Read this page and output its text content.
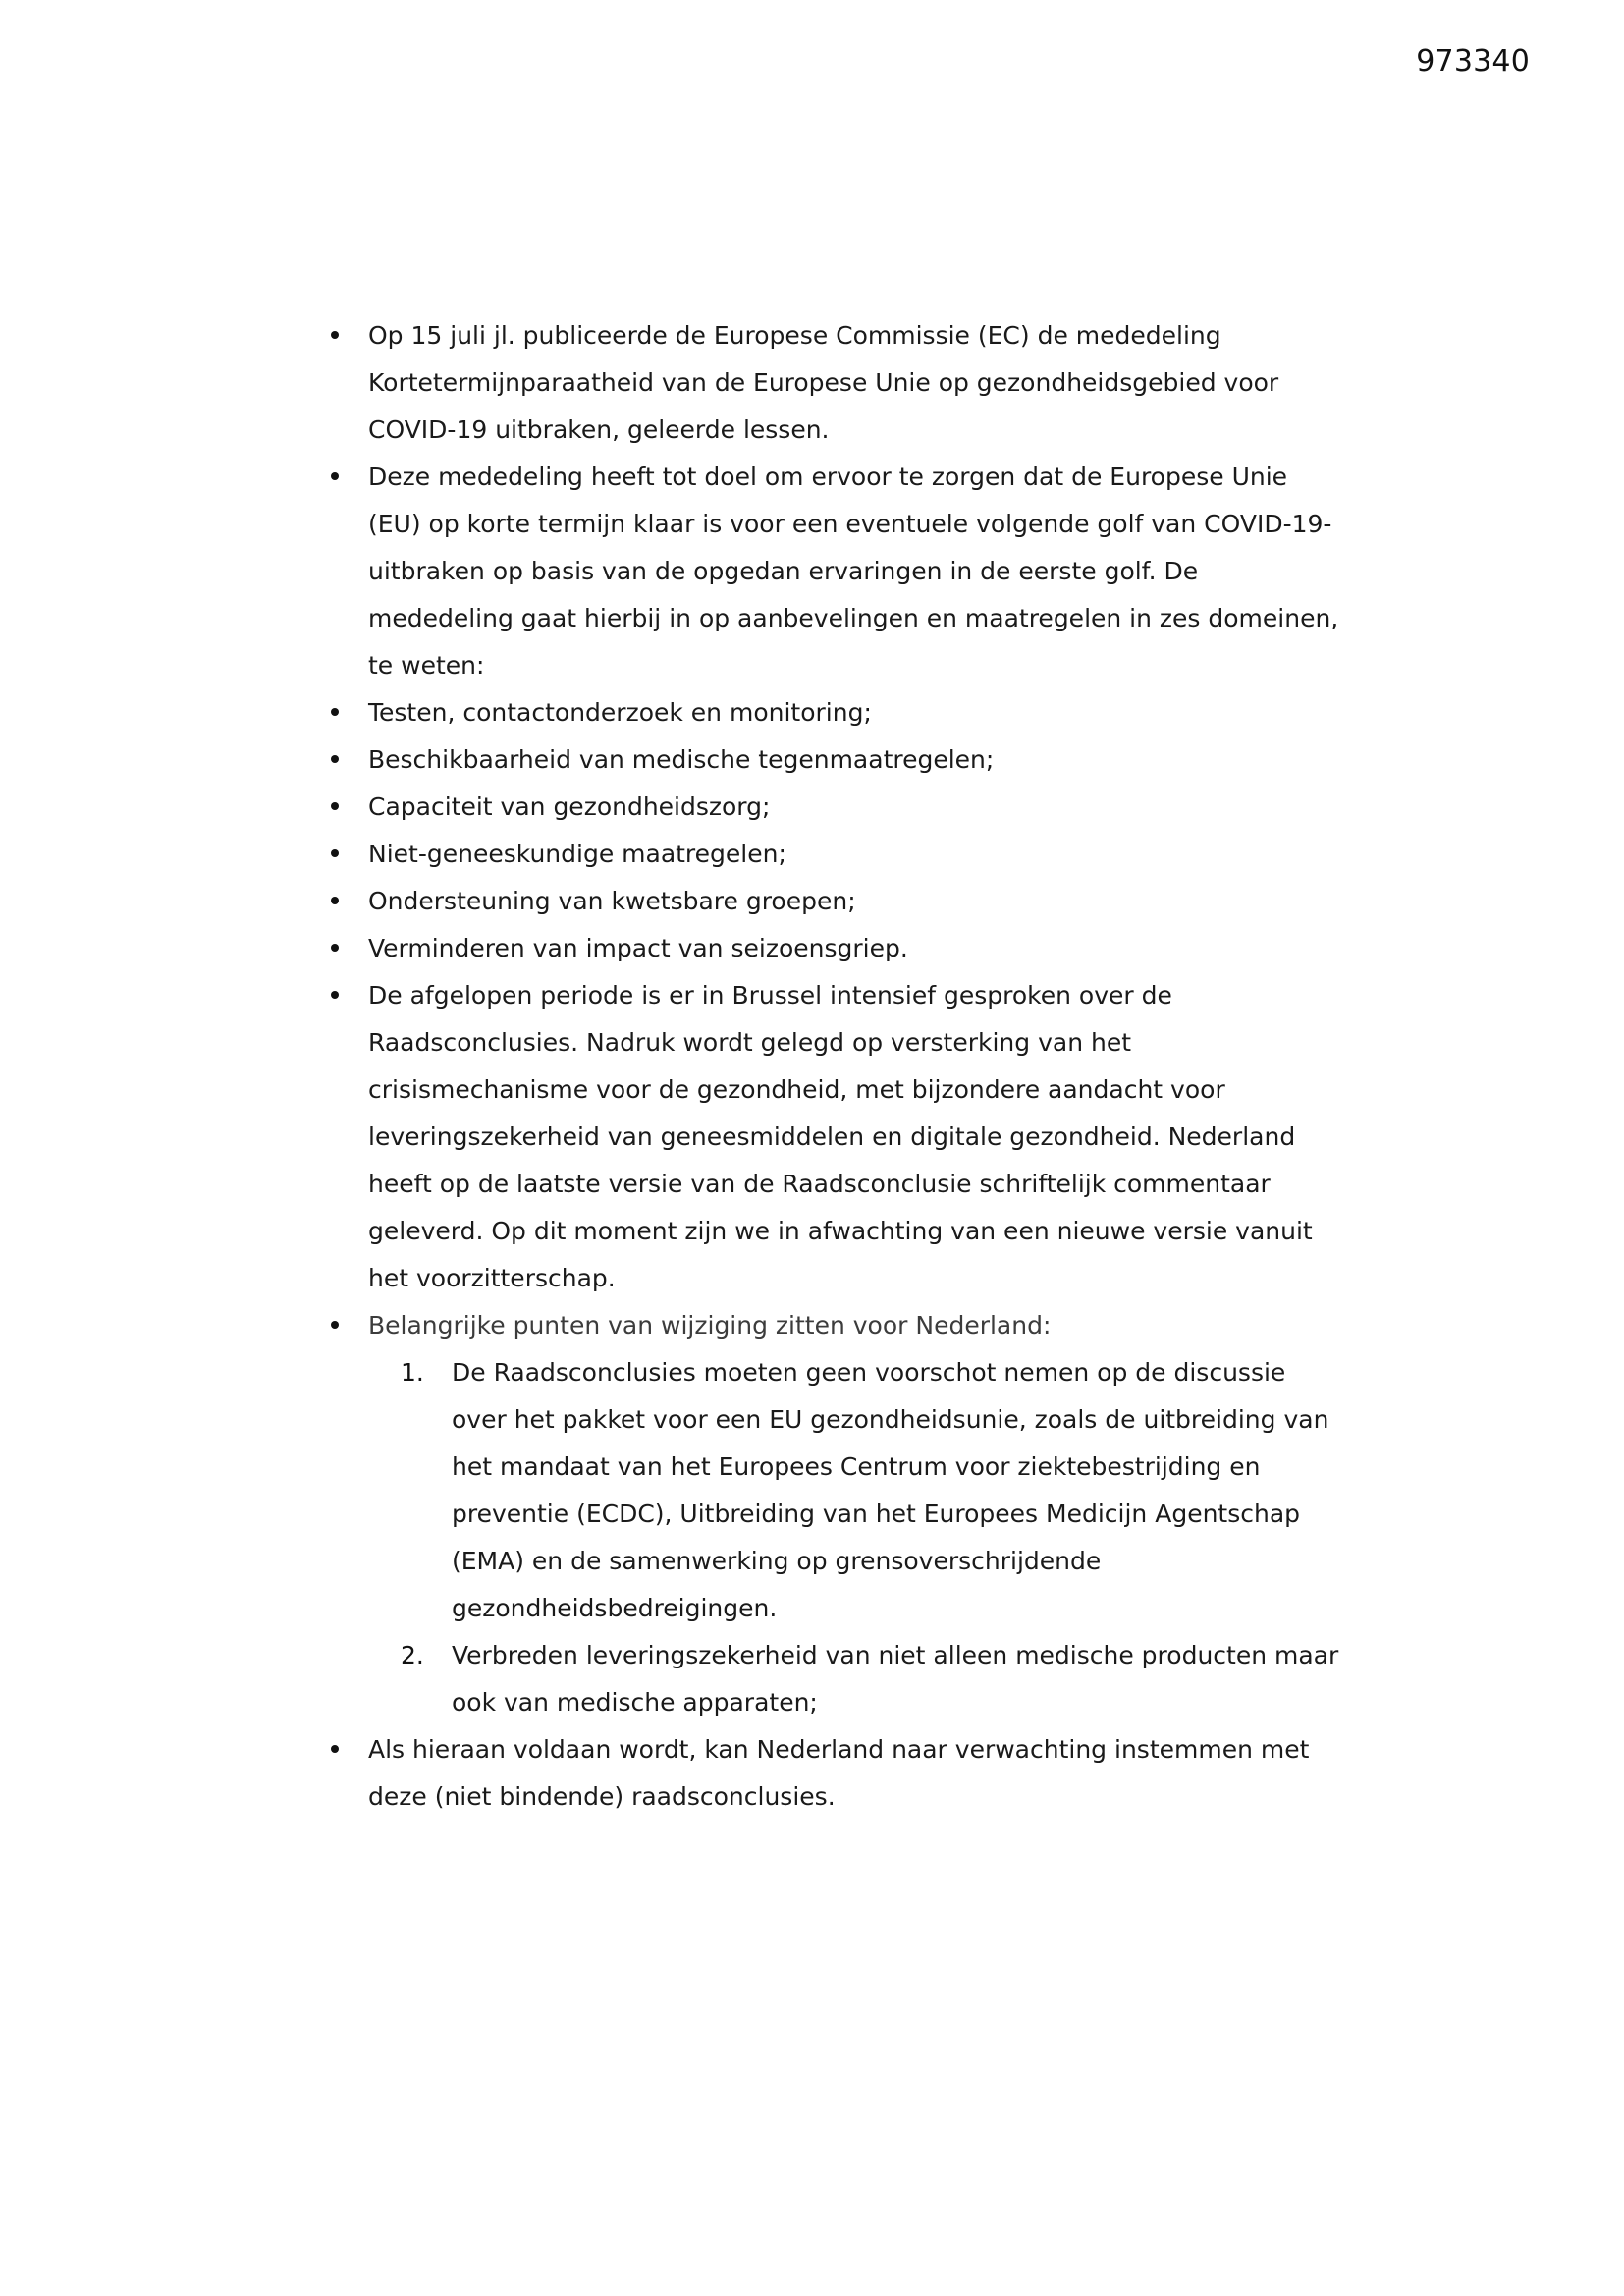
973340
Op 15 juli jl. publiceerde de Europese Commissie (EC) de mededeling Kortetermijnparaatheid van de Europese Unie op gezondheidsgebied voor COVID-19 uitbraken, geleerde lessen.
Deze mededeling heeft tot doel om ervoor te zorgen dat de Europese Unie (EU) op korte termijn klaar is voor een eventuele volgende golf van COVID-19-uitbraken op basis van de opgedan ervaringen in de eerste golf. De mededeling gaat hierbij in op aanbevelingen en maatregelen in zes domeinen, te weten:
Testen, contactonderzoek en monitoring;
Beschikbaarheid van medische tegenmaatregelen;
Capaciteit van gezondheidszorg;
Niet-geneeskundige maatregelen;
Ondersteuning van kwetsbare groepen;
Verminderen van impact van seizoensgriep.
De afgelopen periode is er in Brussel intensief gesproken over de Raadsconclusies. Nadruk wordt gelegd op versterking van het crisismechanisme voor de gezondheid, met bijzondere aandacht voor leveringszekerheid van geneesmiddelen en digitale gezondheid. Nederland heeft op de laatste versie van de Raadsconclusie schriftelijk commentaar geleverd. Op dit moment zijn we in afwachting van een nieuwe versie vanuit het voorzitterschap.
Belangrijke punten van wijziging zitten voor Nederland:
1.	De Raadsconclusies moeten geen voorschot nemen op de discussie over het pakket voor een EU gezondheidsunie, zoals de uitbreiding van het mandaat van het Europees Centrum voor ziektebestrijding en preventie (ECDC), Uitbreiding van het Europees Medicijn Agentschap (EMA) en de samenwerking op grensoverschrijdende gezondheidsbedreigingen.
2.	Verbreden leveringszekerheid van niet alleen medische producten maar ook van medische apparaten;
Als hieraan voldaan wordt, kan Nederland naar verwachting instemmen met deze (niet bindende) raadsconclusies.
